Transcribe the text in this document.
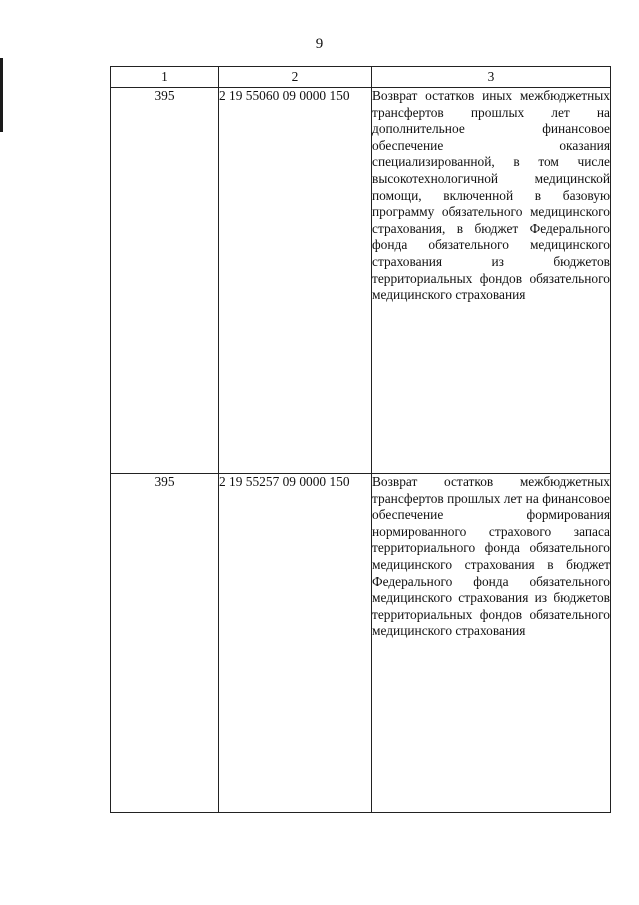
9
1	2	3
395	2 19 55060 09 0000 150	Возврат остатков иных межбюджетных трансфертов прошлых лет на дополнительное финансовое обеспечение оказания специализированной, в том числе высокотехнологичной медицинской помощи, включенной в базовую программу обязательного медицинского страхования, в бюджет Федерального фонда обязательного медицинского страхования из бюджетов территориальных фондов обязательного медицинского страхования
395	2 19 55257 09 0000 150	Возврат остатков межбюджетных трансфертов прошлых лет на финансовое обеспечение формирования нормированного страхового запаса территориального фонда обязательного медицинского страхования в бюджет Федерального фонда обязательного медицинского страхования из бюджетов территориальных фондов обязательного медицинского страхования
